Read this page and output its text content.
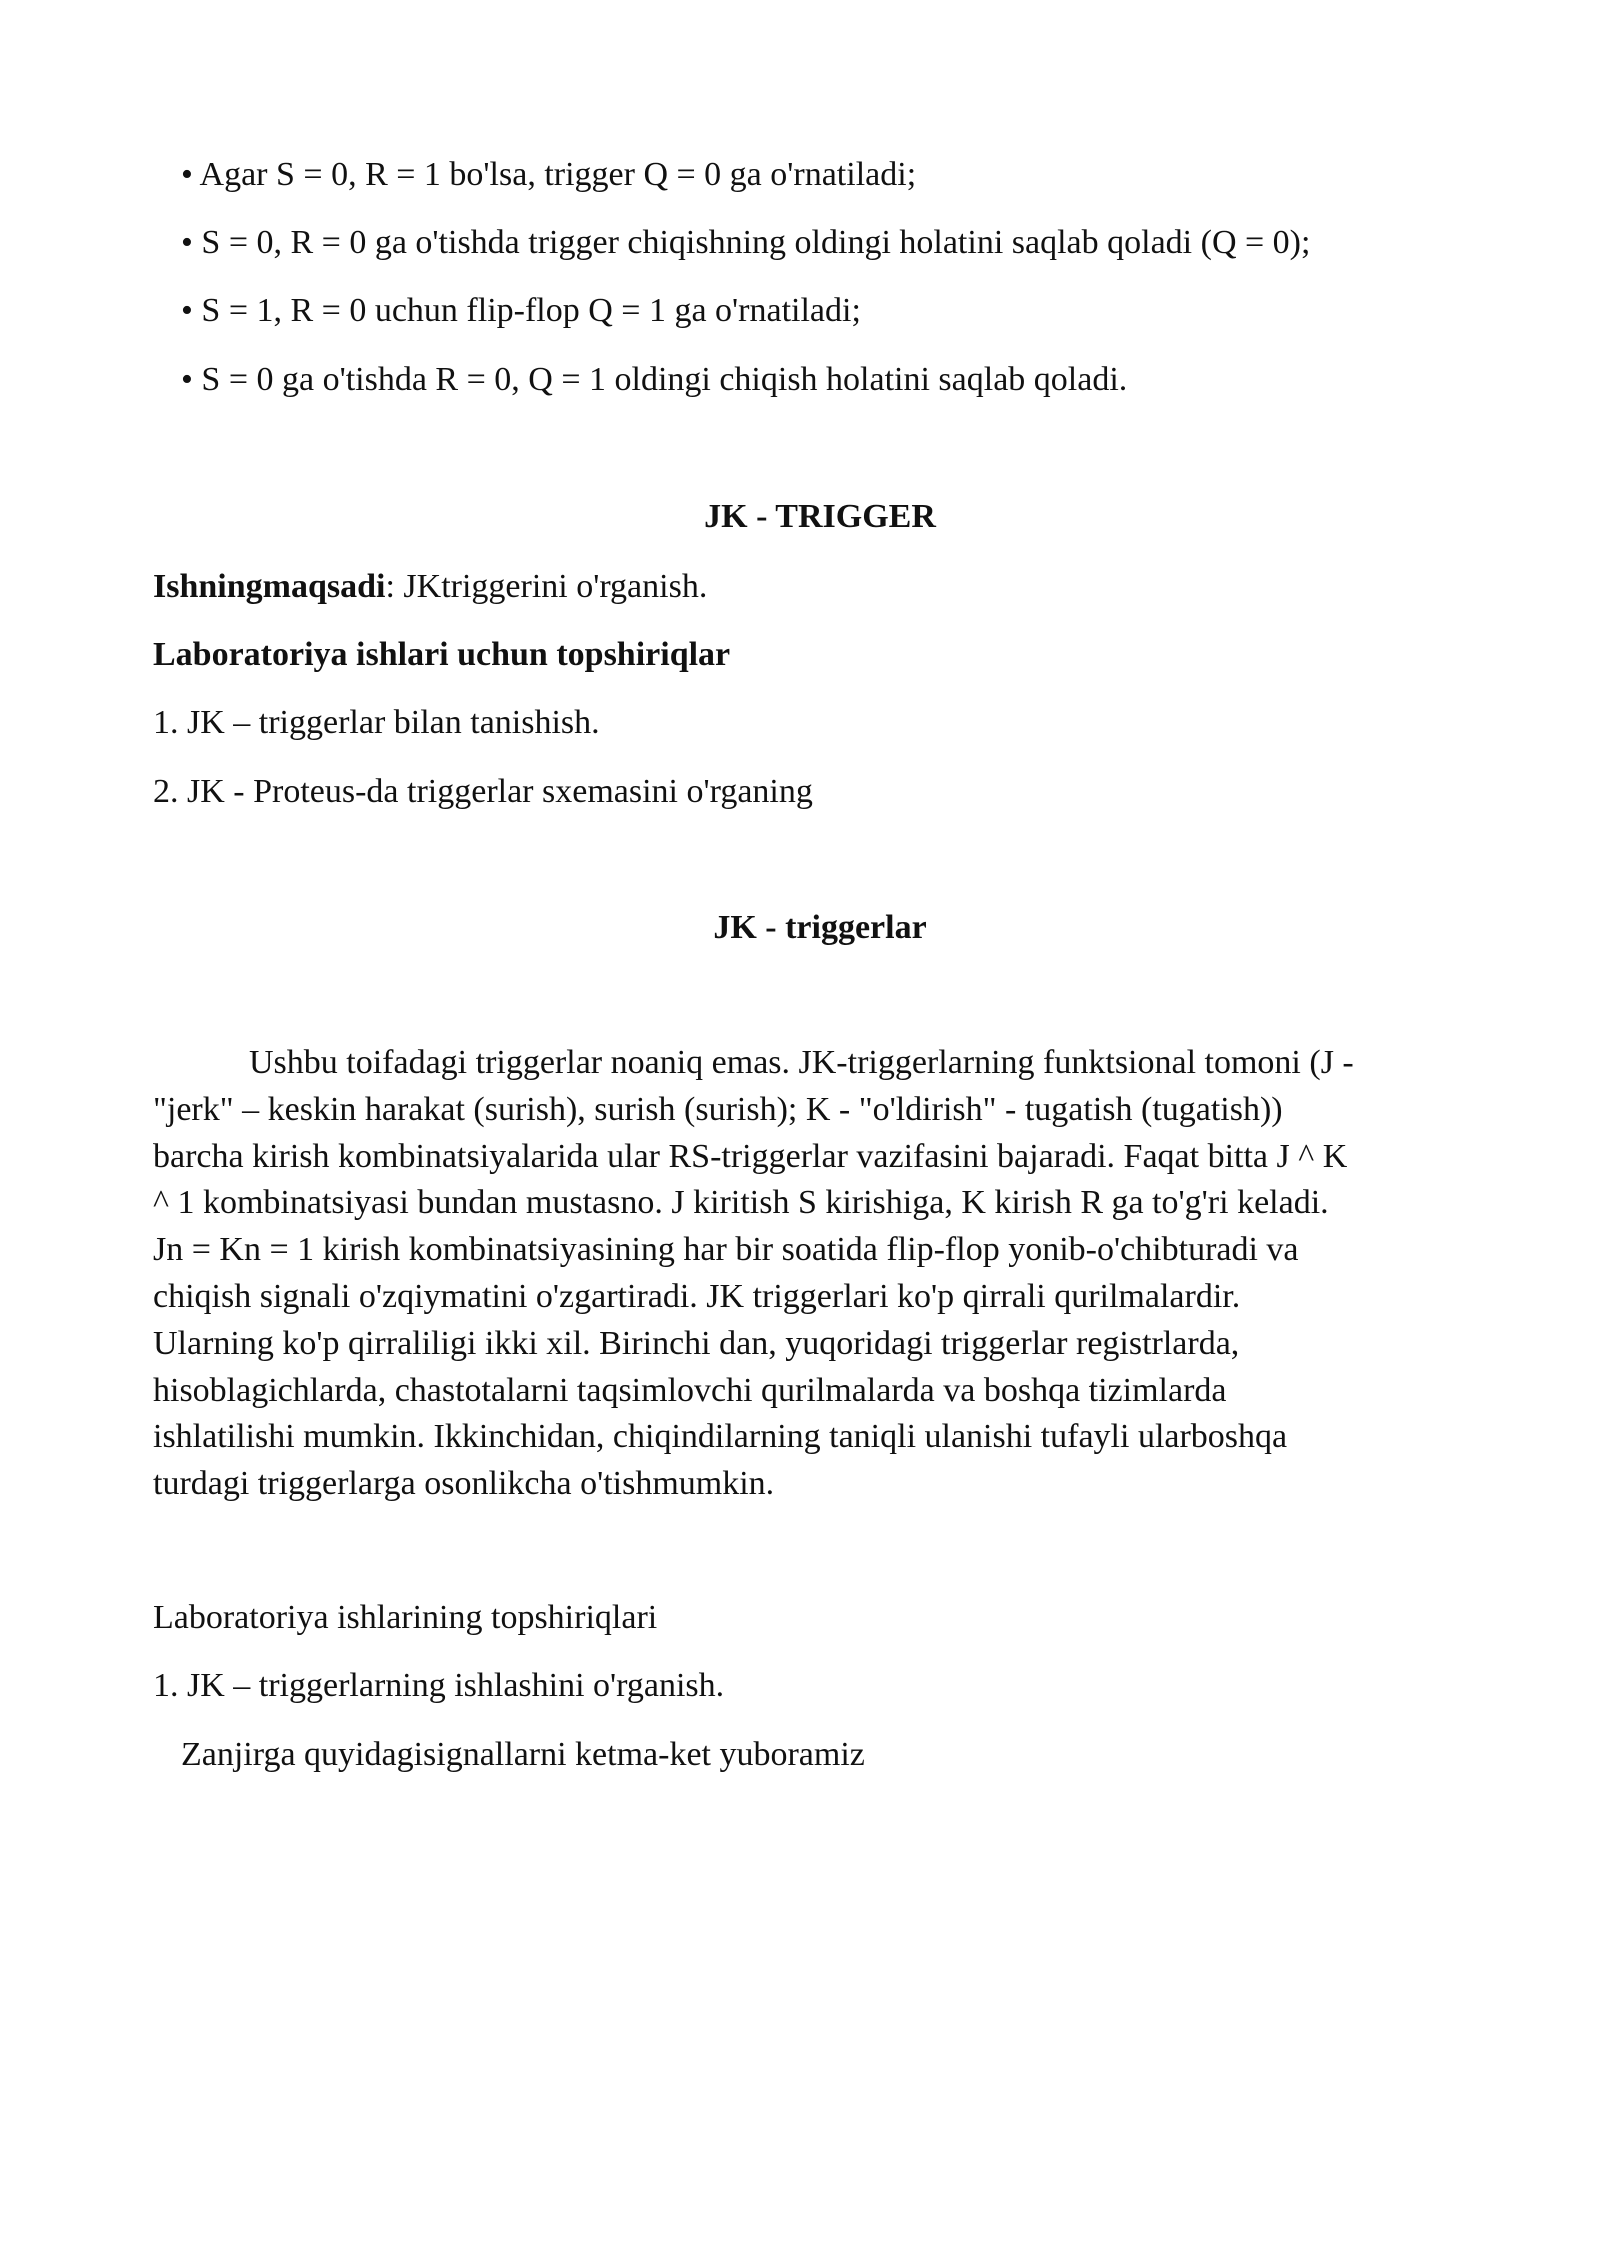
• Agar S = 0, R = 1 bo'lsa, trigger Q = 0 ga o'rnatiladi;
• S = 0, R = 0 ga o'tishda trigger chiqishning oldingi holatini saqlab qoladi (Q = 0);
• S = 1, R = 0 uchun flip-flop Q = 1 ga o'rnatiladi;
• S = 0 ga o'tishda R = 0, Q = 1 oldingi chiqish holatini saqlab qoladi.
JK - TRIGGER
Ishningmaqsadi: JKtriggerini o'rganish.
Laboratoriya ishlari uchun topshiriqlar
1. JK – triggerlar bilan tanishish.
2. JK - Proteus-da triggerlar sxemasini o'rganing
JK - triggerlar
Ushbu toifadagi triggerlar noaniq emas. JK-triggerlarning funktsional tomoni (J -
"jerk" – keskin harakat (surish), surish (surish); K - "o'ldirish" - tugatish (tugatish))
barcha kirish kombinatsiyalarida ular RS-triggerlar vazifasini bajaradi. Faqat bitta J ^ K
^ 1 kombinatsiyasi bundan mustasno. J kiritish S kirishiga, K kirish R ga to'g'ri keladi.
Jn = Kn = 1 kirish kombinatsiyasining har bir soatida flip-flop yonib-o'chibturadi va
chiqish signali o'zqiymatini o'zgartiradi. JK triggerlari ko'p qirrali qurilmalardir.
Ularning ko'p qirraliligi ikki xil. Birinchi dan, yuqoridagi triggerlar registrlarda,
hisoblagichlarda, chastotalarni taqsimlovchi qurilmalarda va boshqa tizimlarda
ishlatilishi mumkin. Ikkinchidan, chiqindilarning taniqli ulanishi tufayli ularboshqa
turdagi triggerlarga osonlikcha o'tishmumkin.
Laboratoriya ishlarining topshiriqlari
1. JK – triggerlarning ishlashini o'rganish.
Zanjirga quyidagisignallarni ketma-ket yuboramiz
